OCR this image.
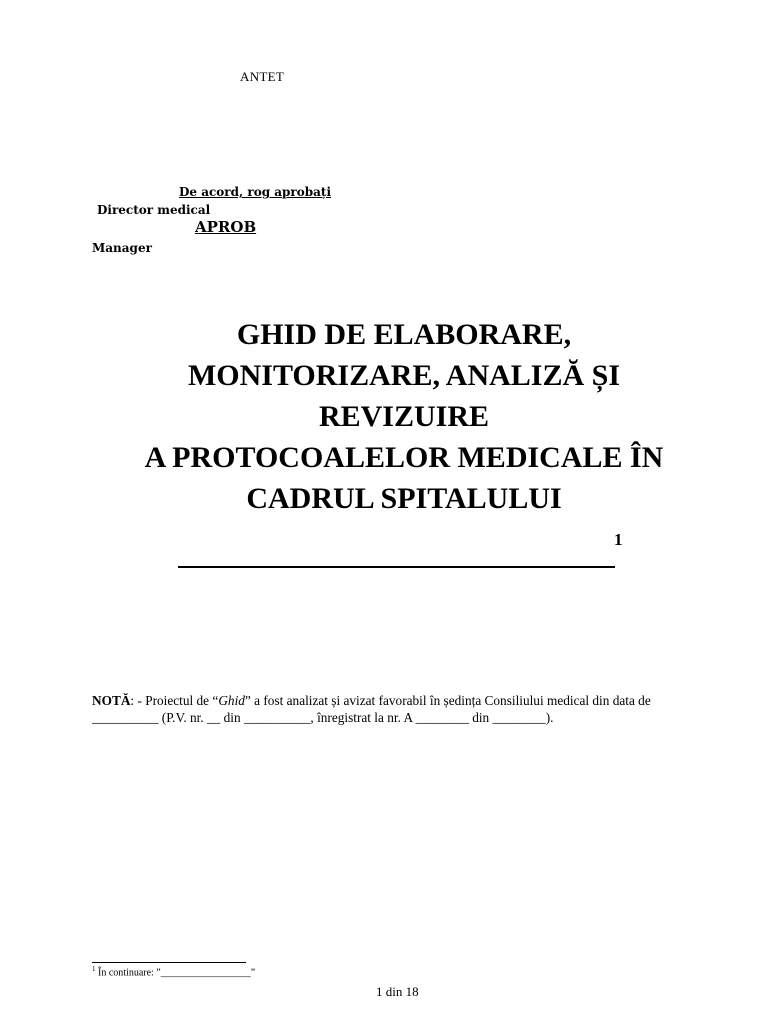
ANTET
De acord, rog aprobați
Director medical
APROB
Manager
GHID DE ELABORARE,
MONITORIZARE, ANALIZĂ ȘI
REVIZUIRE
A PROTOCOALELOR MEDICALE ÎN
CADRUL SPITALULUI
1
NOTĂ: - Proiectul de “Ghid” a fost analizat și avizat favorabil în ședința Consiliului medical din data de __________ (P.V. nr. __ din __________, înregistrat la nr. A ________ din ________).
$^1$ În continuare: ”__________________”
1 din 18
